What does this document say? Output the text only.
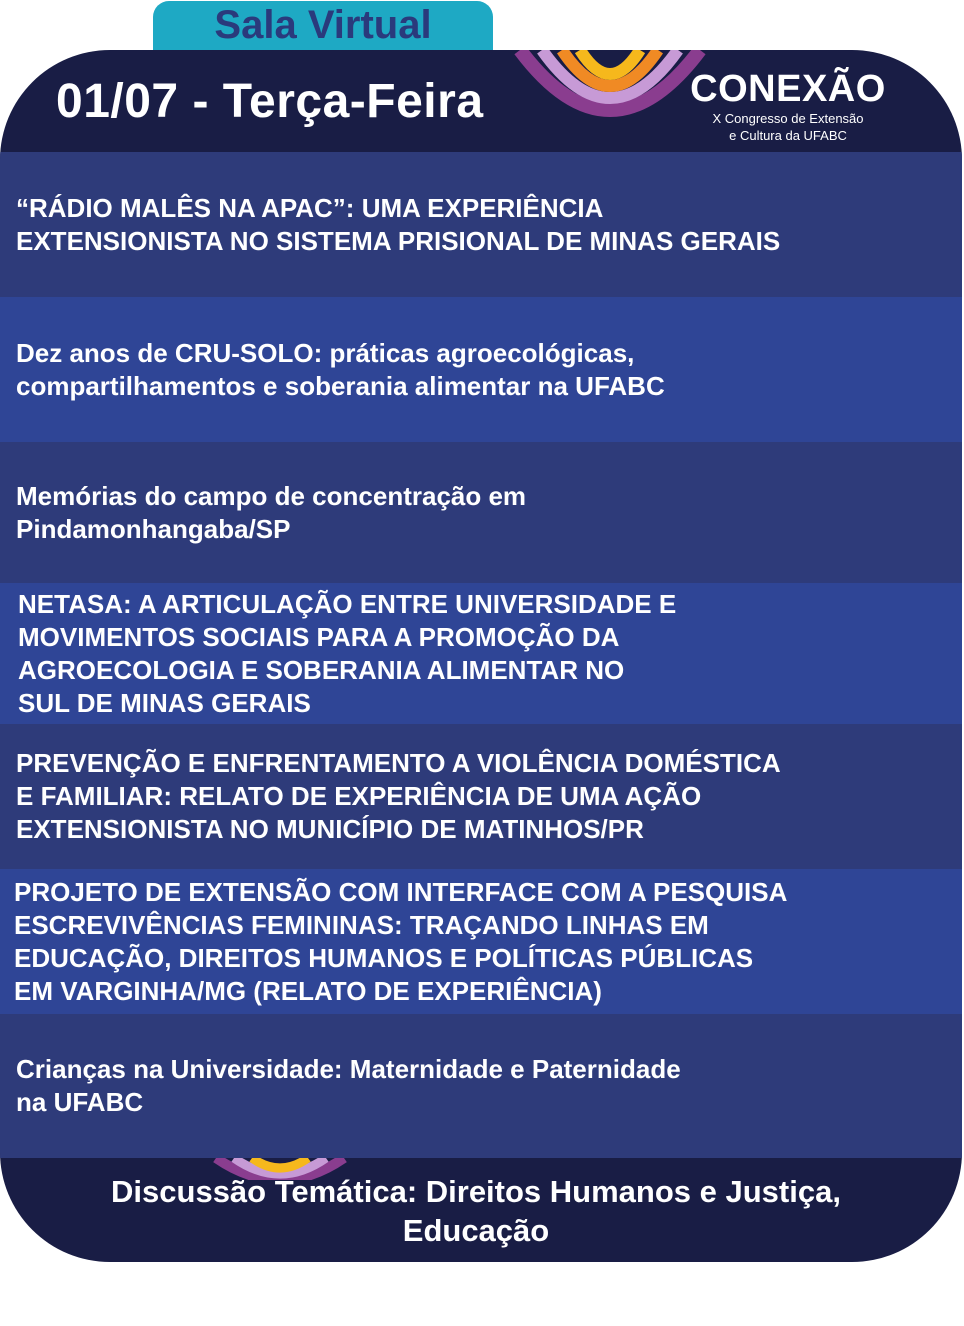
Sala Virtual
01/07 - Terça-Feira	CONEXÃO
X Congresso de Extensão
e Cultura da UFABC
“RÁDIO MALÊS NA APAC”: UMA EXPERIÊNCIA
EXTENSIONISTA NO SISTEMA PRISIONAL DE MINAS GERAIS
Dez anos de CRU-SOLO: práticas agroecológicas,
compartilhamentos e soberania alimentar na UFABC
Memórias do campo de concentração em
Pindamonhangaba/SP
NETASA: A ARTICULAÇÃO ENTRE UNIVERSIDADE E
MOVIMENTOS SOCIAIS PARA A PROMOÇÃO DA
AGROECOLOGIA E SOBERANIA ALIMENTAR NO
SUL DE MINAS GERAIS
PREVENÇÃO E ENFRENTAMENTO A VIOLÊNCIA DOMÉSTICA
E FAMILIAR: RELATO DE EXPERIÊNCIA DE UMA AÇÃO
EXTENSIONISTA NO MUNICÍPIO DE MATINHOS/PR
PROJETO DE EXTENSÃO COM INTERFACE COM A PESQUISA
ESCREVIVÊNCIAS FEMININAS: TRAÇANDO LINHAS EM
EDUCAÇÃO, DIREITOS HUMANOS E POLÍTICAS PÚBLICAS
EM VARGINHA/MG (RELATO DE EXPERIÊNCIA)
Crianças na Universidade: Maternidade e Paternidade
na UFABC
Discussão Temática: Direitos Humanos e Justiça,
Educação
